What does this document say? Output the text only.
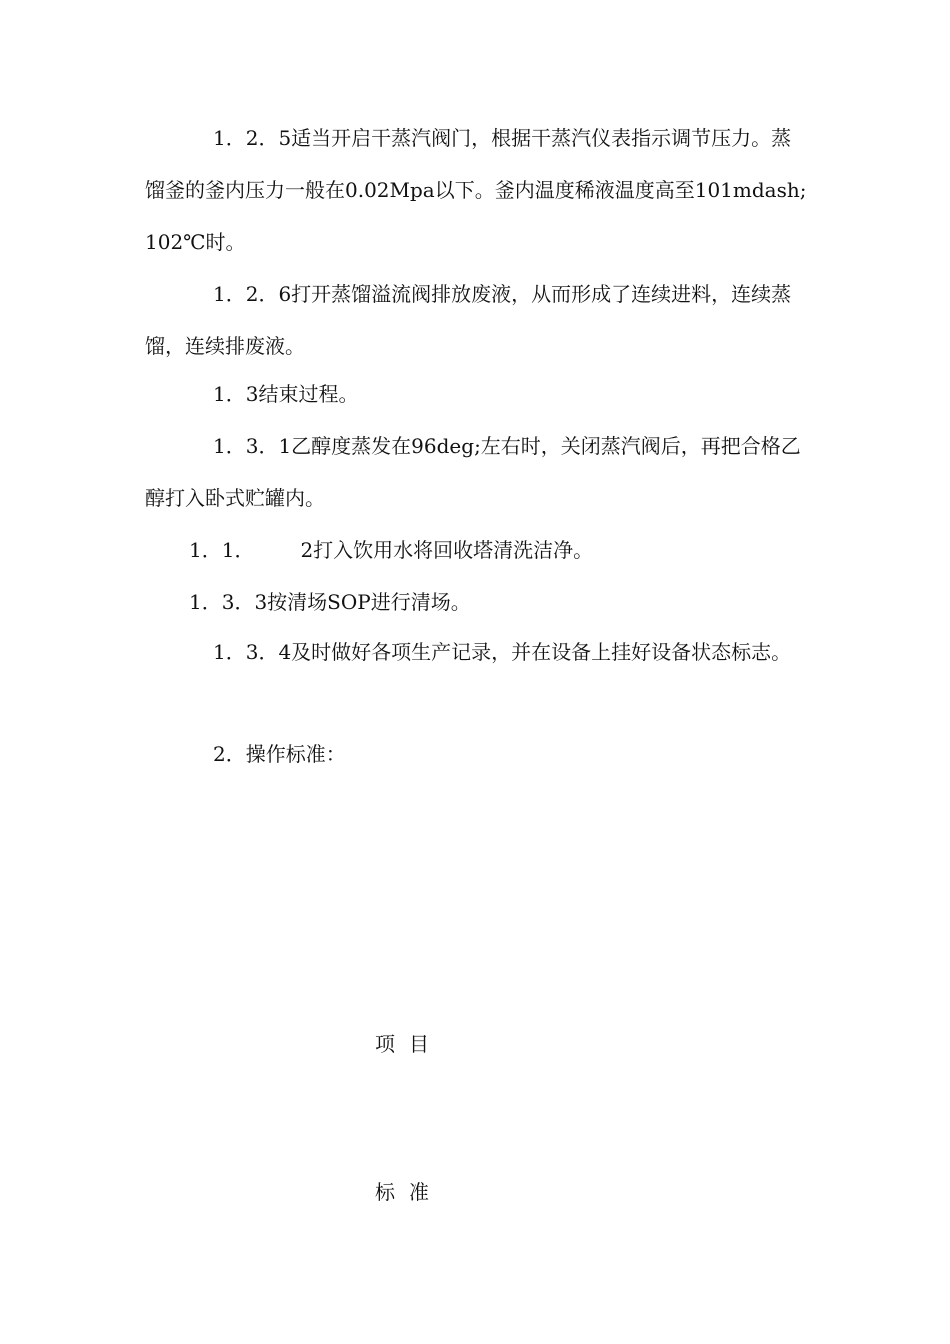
1．2．5适当开启干蒸汽阀门，根据干蒸汽仪表指示调节压力。蒸馏釜的釜内压力一般在0.02Mpa以下。釜内温度稀液温度高至101mdash;102℃时。

1．2．6打开蒸馏溢流阀排放废液，从而形成了连续进料，连续蒸馏，连续排废液。

1．3结束过程。

1．3．1乙醇度蒸发在96deg;左右时，关闭蒸汽阀后，再把合格乙醇打入卧式贮罐内。

1．1． 2打入饮用水将回收塔清洗洁净。

1．3．3按清场SOP进行清场。

1．3．4及时做好各项生产记录，并在设备上挂好设备状态标志。

2．操作标准：

项目
标准
